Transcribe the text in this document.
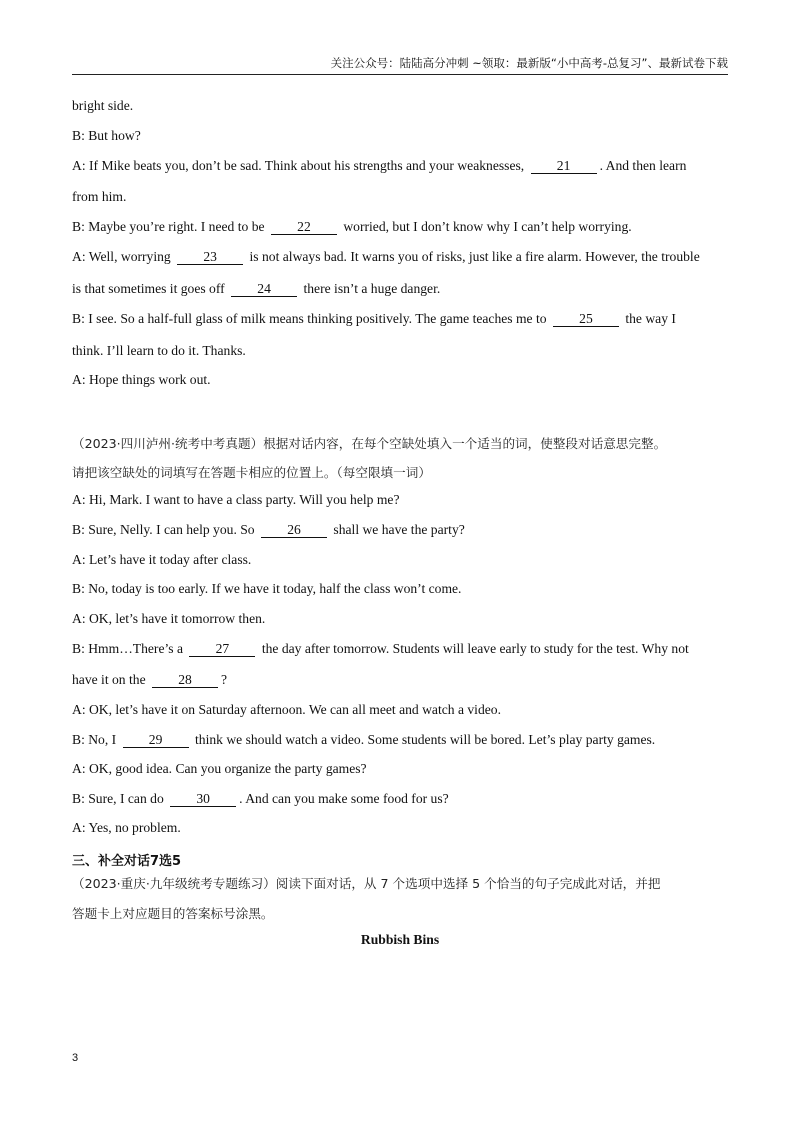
关注公众号：陆陆高分冲刺 ~领取：最新版“小中高考-总复习”、最新试卷下载
bright side.
B: But how?
A: If Mike beats you, don’t be sad. Think about his strengths and your weaknesses, 21 . And then learn
from him.
B: Maybe you’re right. I need to be 22 worried, but I don’t know why I can’t help worrying.
A: Well, worrying 23 is not always bad. It warns you of risks, just like a fire alarm. However, the trouble
is that sometimes it goes off 24 there isn’t a huge danger.
B: I see. So a half-full glass of milk means thinking positively. The game teaches me to 25 the way I
think. I’ll learn to do it. Thanks.
A: Hope things work out.
（2023·四川泸州·统考中考真题）根据对话内容，在每个空缺处填入一个适当的词，使整段对话意思完整。
请把该空缺处的词填写在答题卡相应的位置上。（每空限填一词）
A: Hi, Mark. I want to have a class party. Will you help me?
B: Sure, Nelly. I can help you. So 26 shall we have the party?
A: Let’s have it today after class.
B: No, today is too early. If we have it today, half the class won’t come.
A: OK, let’s have it tomorrow then.
B: Hmm…There’s a 27 the day after tomorrow. Students will leave early to study for the test. Why not
have it on the 28 ?
A: OK, let’s have it on Saturday afternoon. We can all meet and watch a video.
B: No, I 29 think we should watch a video. Some students will be bored. Let’s play party games.
A: OK, good idea. Can you organize the party games?
B: Sure, I can do 30 . And can you make some food for us?
A: Yes, no problem.
三、补全对话7选5
（2023·重庆·九年级统考专题练习）阅读下面对话，从 7 个选项中选择 5 个恰当的句子完成此对话，并把
答题卡上对应题目的答案标号涂黑。
Rubbish Bins
3
